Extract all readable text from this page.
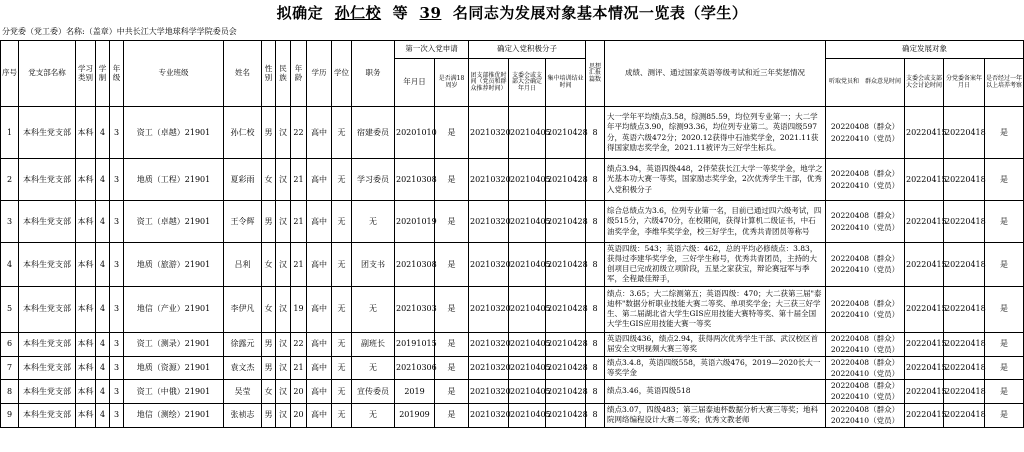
拟确定 孙仁校 等 39 名同志为发展对象基本情况一览表（学生）
分党委（党工委）名称:（盖章）中共长江大学地球科学学院委员会
序号	党支部名称	学习类别	学制	年级	专业班级	姓名	性别	民族	年龄	学历	学位	职务	第一次入党申请		确定入党积极分子			思想汇报篇数	成绩、测评、通过国家英语等级考试和近三年奖惩情况	确定发展对象			
													年月日	是否满18周岁	团支部推优时间（党员和群众推荐时间）	支委会或支部大会确定年月日	集中培训结业时间			听取党员和　群众意见时间	支委会或支部大会讨论时间	分党委备案年月日	是否经过一年以上培养考察
1	本科生党支部	本科	4	3	资工（卓越）21901	孙仁校	男	汉	22	高中	无	宿建委员	20201010	是	20210320	20210405	20210428	8	大一学年平均绩点3.58，综测85.59，均位列专业第一；大二学年平均绩点3.90，综测93.36，均位列专业第二。英语四级597分，英语六级472分；2020.12获得中石油奖学金，2021.11获得国家励志奖学金，2021.11被评为三好学生标兵。	20220408（群众）
20220410（党员）	20220415	20220418	是
2	本科生党支部	本科	4	3	地质（工程）21901	夏彩雨	女	汉	21	高中	无	学习委员	20210308	是	20210320	20210405	20210428	8	绩点3.94，英语四级448，2伴荣获长江大学一等奖学金，地学之光基本功大赛一等奖，国家励志奖学金，2次优秀学生干部，优秀入党积极分子	20220408（群众）
20220410（党员）	20220415	20220418	是
3	本科生党支部	本科	4	3	资工（卓越）21901	王令辉	男	汉	21	高中	无	无	20201019	是	20210320	20210405	20210428	8	综合总绩点为3.6，位列专业第一名，目前已通过四六级考试，四级515分，六级470分，在校期间，获得计算机二级证书，中石油奖学金，李维华奖学金，校三好学生，优秀共青团员等称号	20220408（群众）
20220410（党员）	20220415	20220418	是
4	本科生党支部	本科	4	3	地质（旅游）21901	吕利	女	汉	21	高中	无	团支书	20210308	是	20210320	20210405	20210428	8	英语四级：543；英语六级：462，总的平均必修绩点：3.83，获得过李建华奖学金，三好学生称号，优秀共青团员，主持的大创项目已完成初级立项阶段，五星之家获宝，辩论赛冠军与季军，全程最佳辩手，	20220408（群众）
20220410（党员）	20220415	20220418	是
5	本科生党支部	本科	4	3	地信（产业）21901	李伊凡	女	汉	19	高中	无	无	20210303	是	20210320	20210405	20210428	8	绩点：3.65；大二综测第五；英语四级：470；大二获第三届"泰迪杯"数据分析职业技能大赛二等奖、单项奖学金；大三获三好学生、第二届湖北省大学生GIS应用技能大赛特等奖、第十届全国大学生GIS应用技能大赛一等奖	20220408（群众）
20220410（党员）	20220415	20220418	是
6	本科生党支部	本科	4	3	资工（测录）21901	徐露元	男	汉	22	高中	无	副班长	20191015	是	20210320	20210405	20210428	8	英语四级436，绩点2.94，获得两次优秀学生干部、武汉校区首届安全文明视频大赛三等奖	20220408（群众）
20220410（党员）	20220415	20220418	是
7	本科生党支部	本科	4	3	地质（资源）21901	袁文杰	男	汉	21	高中	无	无	20210306	是	20210320	20210405	20210428	8	绩点3.4.8，英语四级558，英语六级476，2019—2020长大一等奖学金	20220408（群众）
20220410（党员）	20220415	20220418	是
8	本科生党支部	本科	4	3	资工（中俄）21901	吴莹	女	汉	20	高中	无	宣传委员	2019	是	20210320	20210405	20210428	8	绩点3.46，英语四级518	20220408（群众）
20220410（党员）	20220415	20220418	是
9	本科生党支部	本科	4	3	地信（测绘）21901	张祯志	男	汉	20	高中	无	无	201909	是	20210320	20210405	20210428	8	绩点3.07，四级483；第三届泰迪杯数据分析大赛三等奖；地科院网络编程设计大赛二等奖；优秀文教老师	20220408（群众）
20220410（党员）	20220415	20220418	是
